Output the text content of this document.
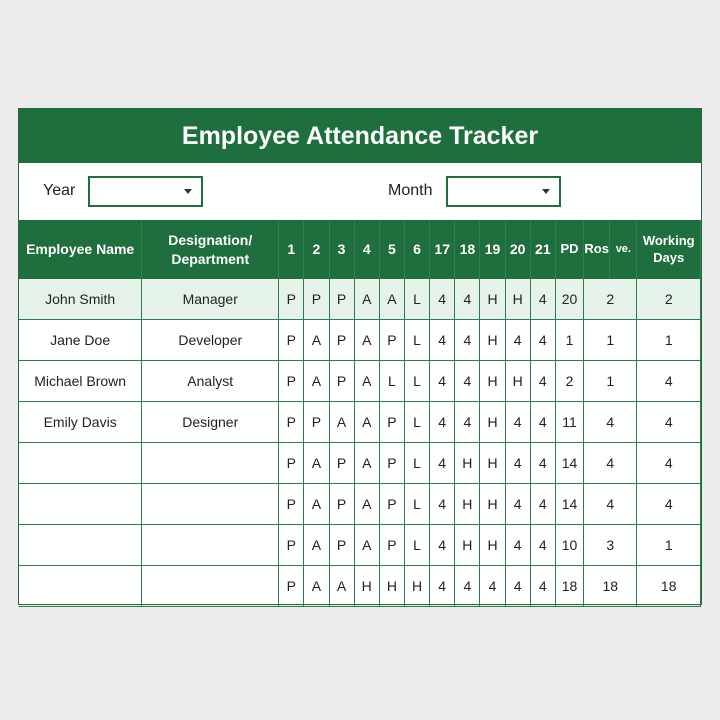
Employee Attendance Tracker
Year	Month
Employee Name	Designation/ Department	1	2	3	4	5	6	17	18	19	20	21	PD	Ros	ve.	Working Days
John Smith	Manager	P	P	P	A	A	L	4	4	H	H	4	20	2		2
Jane Doe	Developer	P	A	P	A	P	L	4	4	H	4	4	1	1		1
Michael Brown	Analyst	P	A	P	A	L	L	4	4	H	H	4	2	1		4
Emily Davis	Designer	P	P	A	A	P	L	4	4	H	4	4	11	4		4
		P	A	P	A	P	L	4	H	H	4	4	14	4		4
		P	A	P	A	P	L	4	H	H	4	4	14	4		4
		P	A	P	A	P	L	4	H	H	4	4	10	3		1
		P	A	A	H	H	H	4	4	4	4	4	18	18		18
